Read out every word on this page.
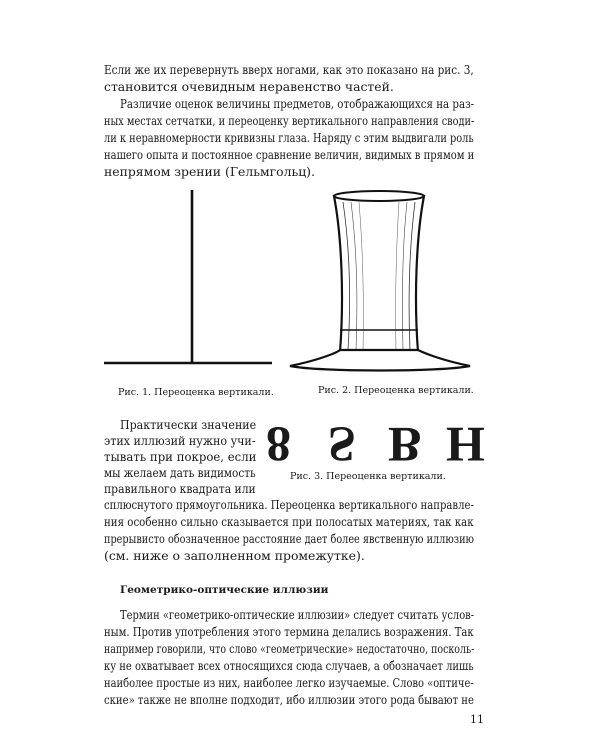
Если же их перевернуть вверх ногами, как это показано на рис. 3,
становится очевидным неравенство частей.
Различие оценок величины предметов, отображающихся на раз-
ных местах сетчатки, и переоценку вертикального направления своди-
ли к неравномерности кривизны глаза. Наряду с этим выдвигали роль
нашего опыта и постоянное сравнение величин, видимых в прямом и
непрямом зрении (Гельмгольц).
Рис. 1. Переоценка вертикали.	Рис. 2. Переоценка вертикали.
Практически значение
этих иллюзий нужно учи-
тывать при покрое, если
мы желаем дать видимость
правильного квадрата или
8 S B H
Рис. 3. Переоценка вертикали.
сплюснутого прямоугольника. Переоценка вертикального направле-
ния особенно сильно сказывается при полосатых материях, так как
прерывисто обозначенное расстояние дает более явственную иллюзию
(см. ниже о заполненном промежутке).
Геометрико-оптические иллюзии
Термин «геометрико-оптические иллюзии» следует считать услов-
ным. Против употребления этого термина делались возражения. Так
например говорили, что слово «геометрические» недостаточно, посколь-
ку не охватывает всех относящихся сюда случаев, а обозначает лишь
наиболее простые из них, наиболее легко изучаемые. Слово «оптиче-
ские» также не вполне подходит, ибо иллюзии этого рода бывают не
11
